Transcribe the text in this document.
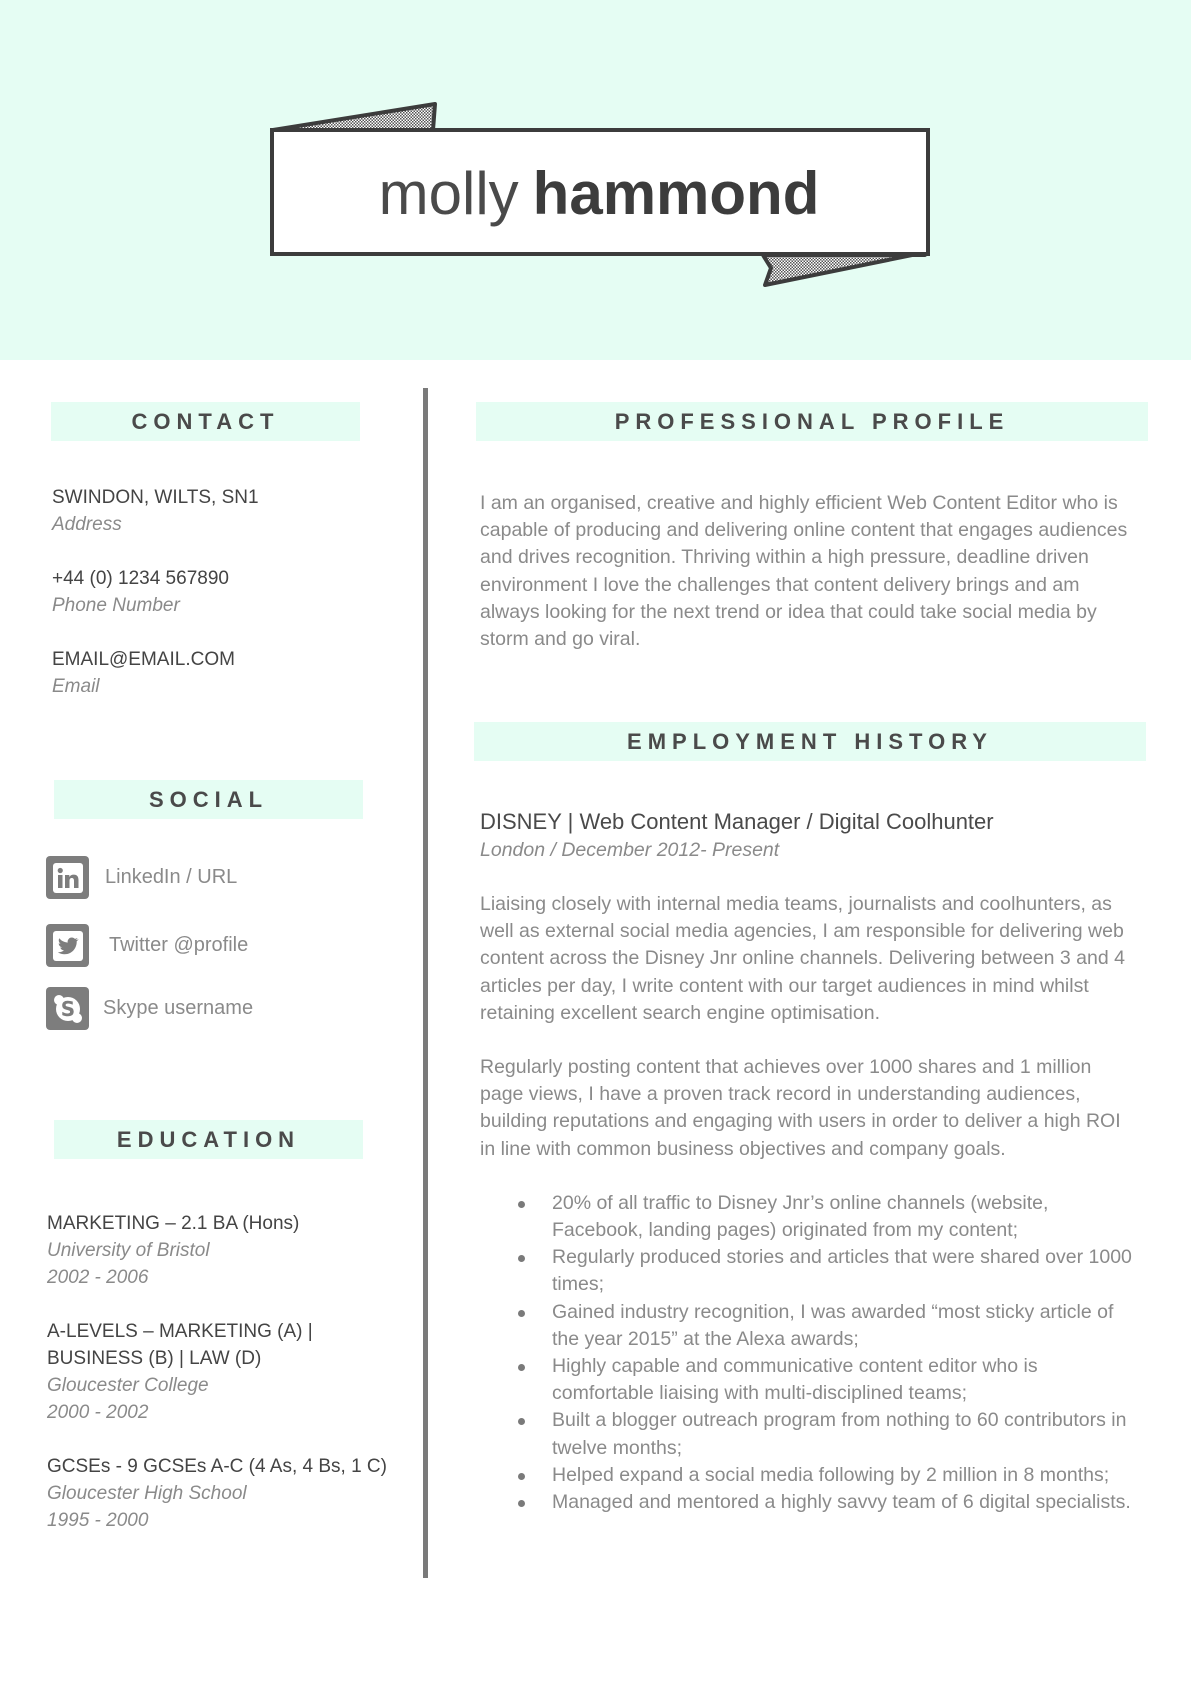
molly hammond
CONTACT
SWINDON, WILTS, SN1
Address
+44 (0) 1234 567890
Phone Number
EMAIL@EMAIL.COM
Email
SOCIAL
LinkedIn / URL
Twitter @profile
S Skype username
EDUCATION
MARKETING – 2.1 BA (Hons)
University of Bristol
2002 - 2006
A-LEVELS – MARKETING (A) | BUSINESS (B) | LAW (D)
Gloucester College
2000 - 2002
GCSEs - 9 GCSEs A-C (4 As, 4 Bs, 1 C)
Gloucester High School
1995 - 2000
PROFESSIONAL PROFILE
I am an organised, creative and highly efficient Web Content Editor who is capable of producing and delivering online content that engages audiences and drives recognition. Thriving within a high pressure, deadline driven environment I love the challenges that content delivery brings and am always looking for the next trend or idea that could take social media by storm and go viral.
EMPLOYMENT HISTORY
DISNEY | Web Content Manager / Digital Coolhunter
London / December 2012- Present
Liaising closely with internal media teams, journalists and coolhunters, as well as external social media agencies, I am responsible for delivering web content across the Disney Jnr online channels. Delivering between 3 and 4 articles per day, I write content with our target audiences in mind whilst retaining excellent search engine optimisation.
Regularly posting content that achieves over 1000 shares and 1 million page views, I have a proven track record in understanding audiences, building reputations and engaging with users in order to deliver a high ROI in line with common business objectives and company goals.
20% of all traffic to Disney Jnr’s online channels (website, Facebook, landing pages) originated from my content;
Regularly produced stories and articles that were shared over 1000 times;
Gained industry recognition, I was awarded “most sticky article of the year 2015” at the Alexa awards;
Highly capable and communicative content editor who is comfortable liaising with multi-disciplined teams;
Built a blogger outreach program from nothing to 60 contributors in twelve months;
Helped expand a social media following by 2 million in 8 months;
Managed and mentored a highly savvy team of 6 digital specialists.
